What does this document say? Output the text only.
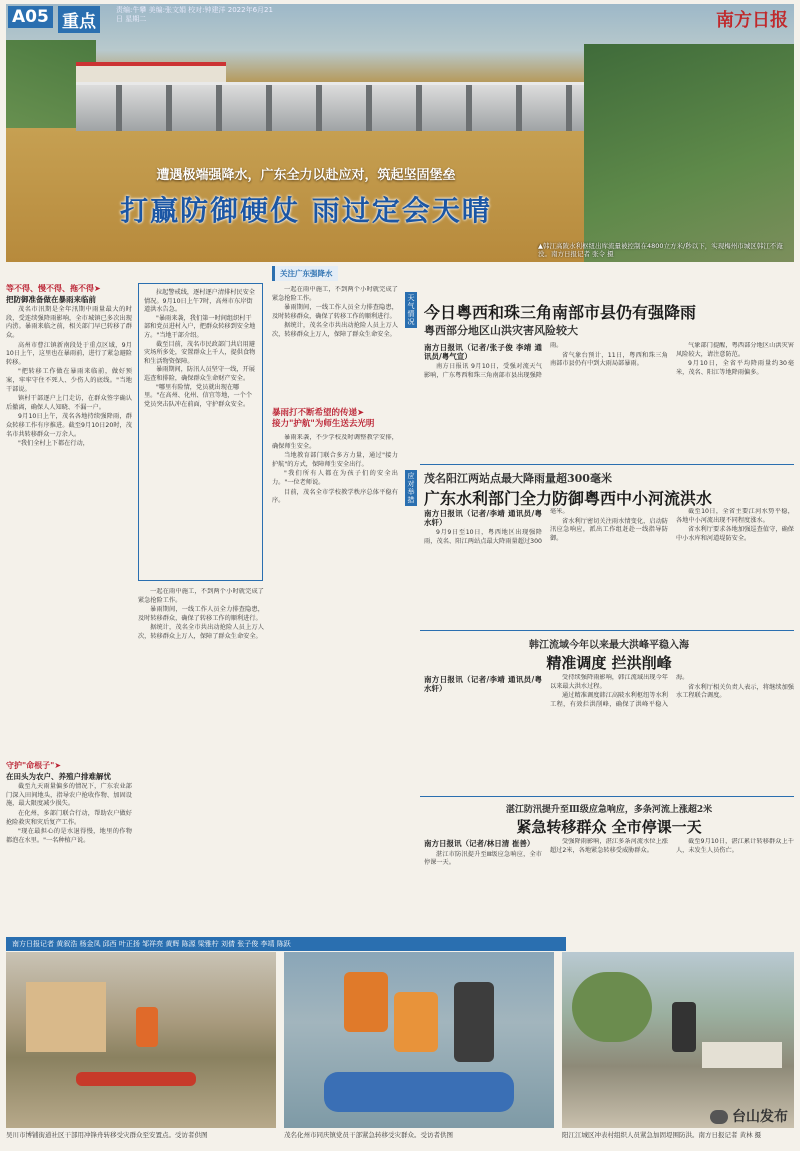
遭遇极端强降水，广东全力以赴应对，筑起坚固堡垒
打赢防御硬仗 雨过定会天晴
▲韩江高陂水利枢纽出库流量被控制在4800立方米/秒以下，实现梅州市城区韩江不淹没。南方日报记者 张令 摄
A05 重点
责编:牛攀 美编:张文娟 校对:钟建洋 2022年6月21日 星期二	南方日报
等不得、慢不得、拖不得➤
把防御准备做在暴雨来临前

茂名市汛期是全年汛期中雨量最大的时段，受连续强降雨影响，全市城镇已多次出现内涝。暴雨来临之前，相关部门早已转移了群众。

高州市曹江镇新南段处于重点区域，9月10日上午，这里也在暴雨前，进行了紧急避险转移。

"把转移工作做在暴雨来临前，做好预案，牢牢守住不死人、少伤人的底线。"当地干部说。

镇村干部逐户上门走访，在群众签字确认后撤离，确保人人知晓、不漏一户。

9月10日上午，茂名各地持续强降雨，群众转移工作有序推进。截至9月10日20时，茂名市共转移群众一万余人。

"我们全村上下都在行动，

守护"命根子"➤
在田头为农户、养殖户排难解忧

截至九天雨量偏多的情况下，广东农业部门深入田间地头，指导农户抢收作物、加固设施，最大限度减少损失。

在化州，多部门联合行动，帮助农户做好抢险救灾和灾后复产工作。

"现在最担心的是水退得慢，地里的作物都泡在水里。"一名种植户说。

拉起警戒线，逐村逐户清排村民安全情况。9月10日上午7时，高州市东岸街道洪水告急。

"暴雨来袭，我们第一时间组织村干部和党员进村入户，把群众转移到安全地方。"当地干部介绍。

截至目前，茂名市民政部门共启用避灾场所多处，安置群众上千人，提供食物和生活物资保障。

暴雨期间，防汛人员坚守一线，开展巡查和排险，确保群众生命财产安全。

"哪里有险情，党员就出现在哪里。"在高州、化州、信宜等地，一个个党员突击队冲在前面，守护群众安全。

一起在雨中施工，不到两个小时就完成了紧急抢险工作。

暴雨期间，一线工作人员全力排查隐患，及时转移群众，确保了转移工作的顺利进行。

据统计，茂名全市共出动抢险人员上万人次，转移群众上万人，保障了群众生命安全。

关注广东强降水

一起在雨中施工，不到两个小时就完成了紧急抢险工作。

暴雨期间，一线工作人员全力排查隐患，及时转移群众，确保了转移工作的顺利进行。

据统计，茂名全市共出动抢险人员上万人次，转移群众上万人，保障了群众生命安全。

暴雨打不断希望的传递➤
接力"护航"为师生送去光明

暴雨来袭，不少学校及时调整教学安排，确保师生安全。

当地教育部门联合多方力量，通过"接力护航"的方式，保障师生安全出行。

"我们所有人都在为孩子们的安全出力。"一位老师说。

目前，茂名全市学校教学秩序总体平稳有序。

天气情况
应对举措
今日粤西和珠三角南部市县仍有强降雨
粤西部分地区山洪灾害风险较大
南方日报讯（记者/张子俊 李靖 通讯员/粤气宣）

南方日报讯 9月10日，受强对流天气影响，广东粤西和珠三角南部市县出现强降雨。

省气象台预计，11日，粤西和珠三角南部市县仍有中到大雨局部暴雨。

气象部门提醒，粤西部分地区山洪灾害风险较大，请注意防范。

9月10日，全省平均降雨量约30毫米，茂名、阳江等地降雨偏多。

茂名阳江两站点最大降雨量超300毫米
广东水利部门全力防御粤西中小河流洪水
南方日报讯（记者/李靖 通讯员/粤水轩）

9月9日至10日，粤西地区出现强降雨，茂名、阳江两站点最大降雨量超过300毫米。

省水利厅密切关注雨水情变化，启动防汛应急响应，派出工作组赶赴一线指导防御。

截至10日，全省主要江河水势平稳，各地中小河流出现不同程度涨水。

省水利厅要求各地加强巡查值守，确保中小水库和河道堤防安全。

韩江流域今年以来最大洪峰平稳入海
精准调度 拦洪削峰
南方日报讯（记者/李靖 通讯员/粤水轩）

受持续强降雨影响，韩江流域出现今年以来最大洪水过程。

通过精准调度韩江高陂水利枢纽等水利工程，有效拦洪削峰，确保了洪峰平稳入海。

省水利厅相关负责人表示，将继续加强水工程联合调度。

湛江防汛提升至Ⅲ级应急响应，多条河流上涨超2米
紧急转移群众 全市停课一天
南方日报讯（记者/林日清 崔善）

湛江市防汛提升至Ⅲ级应急响应，全市停课一天。

受强降雨影响，湛江多条河流水位上涨超过2米，各地紧急转移受威胁群众。

截至9月10日，湛江累计转移群众上千人，未发生人员伤亡。

南方日报记者 黄叙浩 杨金凤 邱西 叶正扬 邹祥亮 黄辉 陈源 梁雅柠 刘倩 张子俊 李靖 陈跃
吴川市博铺街道社区干部用冲锋舟转移受灾群众至安置点。受访者供图	茂名化州市同庆镇党员干部紧急转移受灾群众。受访者供图	阳江江城区冲表村组织人员紧急加固堤围防洪。南方日报记者 黄林 摄
台山发布
